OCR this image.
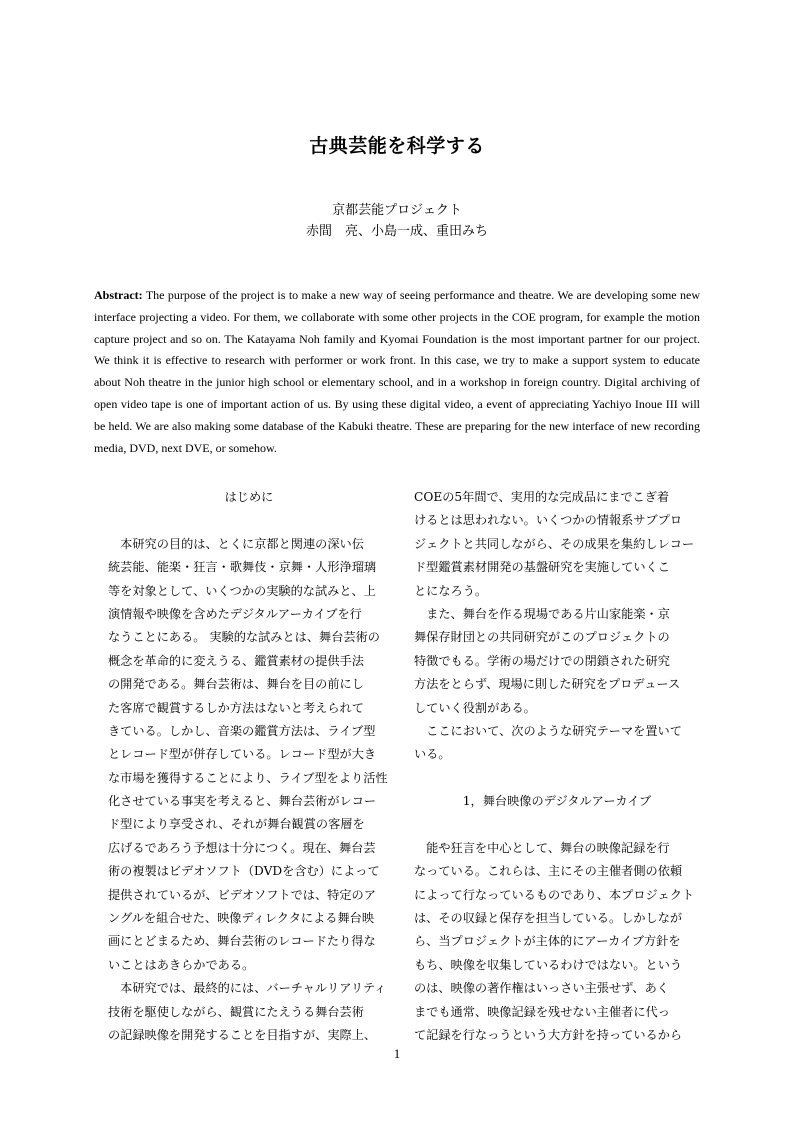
古典芸能を科学する
京都芸能プロジェクト
赤間　亮、小島一成、重田みち
Abstract: The purpose of the project is to make a new way of seeing performance and theatre. We are developing some new interface projecting a video. For them, we collaborate with some other projects in the COE program, for example the motion capture project and so on. The Katayama Noh family and Kyomai Foundation is the most important partner for our project. We think it is effective to research with performer or work front. In this case, we try to make a support system to educate about Noh theatre in the junior high school or elementary school, and in a workshop in foreign country. Digital archiving of open video tape is one of important action of us. By using these digital video, a event of appreciating Yachiyo Inoue III will be held. We are also making some database of the Kabuki theatre. These are preparing for the new interface of new recording media, DVD, next DVE, or somehow.
はじめに
　本研究の目的は、とくに京都と関連の深い伝
統芸能、能楽・狂言・歌舞伎・京舞・人形浄瑠璃
等を対象として、いくつかの実験的な試みと、上
演情報や映像を含めたデジタルアーカイブを行
なうことにある。 実験的な試みとは、舞台芸術の
概念を革命的に変えうる、鑑賞素材の提供手法
の開発である。舞台芸術は、舞台を目の前にし
た客席で観賞するしか方法はないと考えられて
きている。しかし、音楽の鑑賞方法は、ライブ型
とレコード型が併存している。レコード型が大き
な市場を獲得することにより、ライブ型をより活性
化させている事実を考えると、舞台芸術がレコー
ド型により享受され、それが舞台観賞の客層を
広げるであろう予想は十分につく。現在、舞台芸
術の複製はビデオソフト（DVDを含む）によって
提供されているが、ビデオソフトでは、特定のア
ングルを組合せた、映像ディレクタによる舞台映
画にとどまるため、舞台芸術のレコードたり得な
いことはあきらかである。
　本研究では、最終的には、バーチャルリアリティ
技術を駆使しながら、観賞にたえうる舞台芸術
の記録映像を開発することを目指すが、実際上、
COEの5年間で、実用的な完成品にまでこぎ着
けるとは思われない。いくつかの情報系サブプロ
ジェクトと共同しながら、その成果を集約しレコー
ド型鑑賞素材開発の基盤研究を実施していくこ
とになろう。
　また、舞台を作る現場である片山家能楽・京
舞保存財団との共同研究がこのプロジェクトの
特徴でもる。学術の場だけでの閉鎖された研究
方法をとらず、現場に則した研究をプロデュース
していく役割がある。
　ここにおいて、次のような研究テーマを置いて
いる。
1，舞台映像のデジタルアーカイブ
　能や狂言を中心として、舞台の映像記録を行
なっている。これらは、主にその主催者側の依頼
によって行なっているものであり、本プロジェクト
は、その収録と保存を担当している。しかしなが
ら、当プロジェクトが主体的にアーカイブ方針を
もち、映像を収集しているわけではない。という
のは、映像の著作権はいっさい主張せず、あく
までも通常、映像記録を残せない主催者に代っ
て記録を行なっうという大方針を持っているから
1
